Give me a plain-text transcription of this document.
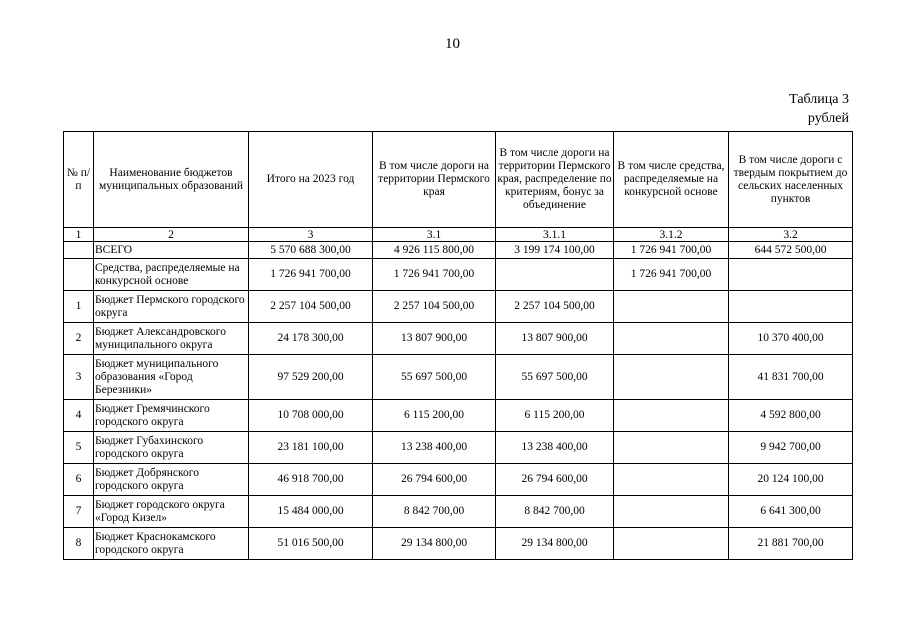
10
Таблица 3
рублей
№ п/п	Наименование бюджетов муниципальных образований	Итого на 2023 год	В том числе дороги на территории Пермского края	В том числе дороги на территории Пермского края, распределение по критериям, бонус за объединение	В том числе средства, распределяемые на конкурсной основе	В том числе дороги с твердым покрытием до сельских населенных пунктов
1	2	3	3.1	3.1.1	3.1.2	3.2
	ВСЕГО	5 570 688 300,00	4 926 115 800,00	3 199 174 100,00	1 726 941 700,00	644 572 500,00
	Средства, распределяемые на конкурсной основе	1 726 941 700,00	1 726 941 700,00		1 726 941 700,00	
1	Бюджет Пермского городского округа	2 257 104 500,00	2 257 104 500,00	2 257 104 500,00		
2	Бюджет Александровского муниципального округа	24 178 300,00	13 807 900,00	13 807 900,00		10 370 400,00
3	Бюджет муниципального образования «Город Березники»	97 529 200,00	55 697 500,00	55 697 500,00		41 831 700,00
4	Бюджет Гремячинского городского округа	10 708 000,00	6 115 200,00	6 115 200,00		4 592 800,00
5	Бюджет Губахинского городского округа	23 181 100,00	13 238 400,00	13 238 400,00		9 942 700,00
6	Бюджет Добрянского городского округа	46 918 700,00	26 794 600,00	26 794 600,00		20 124 100,00
7	Бюджет городского округа «Город Кизел»	15 484 000,00	8 842 700,00	8 842 700,00		6 641 300,00
8	Бюджет Краснокамского городского округа	51 016 500,00	29 134 800,00	29 134 800,00		21 881 700,00
